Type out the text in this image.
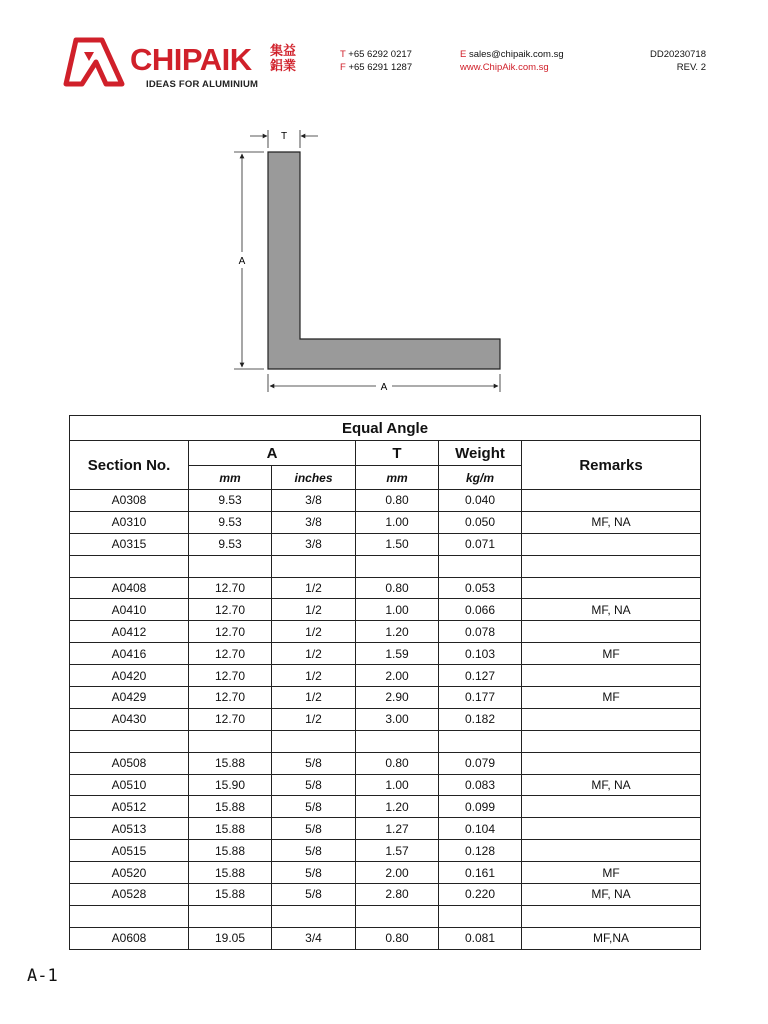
CHIPAIK 集益 鋁業
IDEAS FOR ALUMINIUM
T +65 6292 0217
F +65 6291 1287
E sales@chipaik.com.sg
www.ChipAik.com.sg
DD20230718
REV. 2
T
A
A
Equal Angle					
Section No.	A		T	Weight	Remarks
	mm	inches	mm	kg/m	
A0308	9.53	3/8	0.80	0.040	
A0310	9.53	3/8	1.00	0.050	MF, NA
A0315	9.53	3/8	1.50	0.071	

A0408	12.70	1/2	0.80	0.053	
A0410	12.70	1/2	1.00	0.066	MF, NA
A0412	12.70	1/2	1.20	0.078	
A0416	12.70	1/2	1.59	0.103	MF
A0420	12.70	1/2	2.00	0.127	
A0429	12.70	1/2	2.90	0.177	MF
A0430	12.70	1/2	3.00	0.182	

A0508	15.88	5/8	0.80	0.079	
A0510	15.90	5/8	1.00	0.083	MF, NA
A0512	15.88	5/8	1.20	0.099	
A0513	15.88	5/8	1.27	0.104	
A0515	15.88	5/8	1.57	0.128	
A0520	15.88	5/8	2.00	0.161	MF
A0528	15.88	5/8	2.80	0.220	MF, NA

A0608	19.05	3/4	0.80	0.081	MF,NA
A-1
